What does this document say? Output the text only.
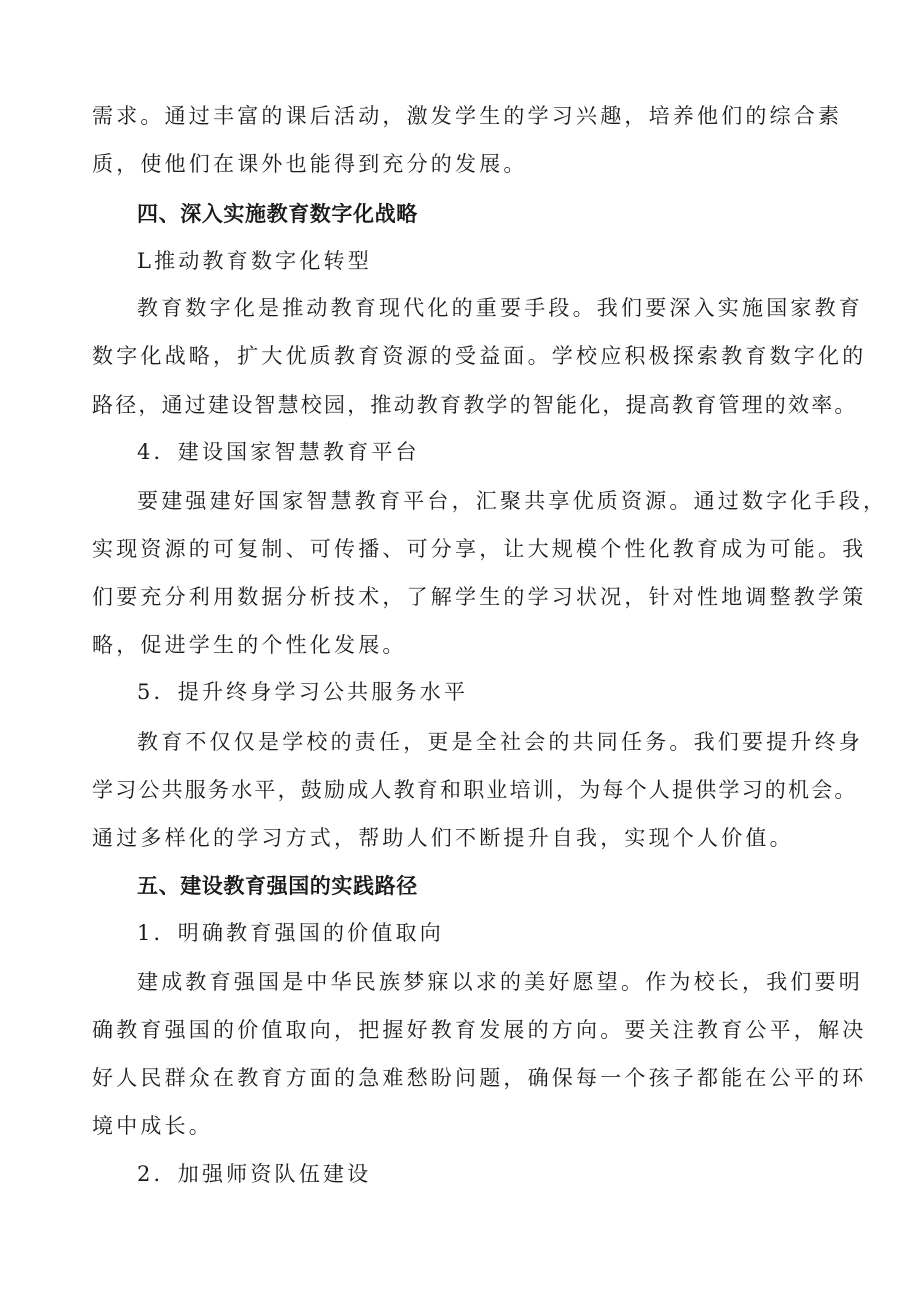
需求。通过丰富的课后活动，激发学生的学习兴趣，培养他们的综合素
质，使他们在课外也能得到充分的发展。
四、深入实施教育数字化战略
L推动教育数字化转型
教育数字化是推动教育现代化的重要手段。我们要深入实施国家教育
数字化战略，扩大优质教育资源的受益面。学校应积极探索教育数字化的
路径，通过建设智慧校园，推动教育教学的智能化，提高教育管理的效率。
4．建设国家智慧教育平台
要建强建好国家智慧教育平台，汇聚共享优质资源。通过数字化手段，
实现资源的可复制、可传播、可分享，让大规模个性化教育成为可能。我
们要充分利用数据分析技术，了解学生的学习状况，针对性地调整教学策
略，促进学生的个性化发展。
5．提升终身学习公共服务水平
教育不仅仅是学校的责任，更是全社会的共同任务。我们要提升终身
学习公共服务水平，鼓励成人教育和职业培训，为每个人提供学习的机会。
通过多样化的学习方式，帮助人们不断提升自我，实现个人价值。
五、建设教育强国的实践路径
1．明确教育强国的价值取向
建成教育强国是中华民族梦寐以求的美好愿望。作为校长，我们要明
确教育强国的价值取向，把握好教育发展的方向。要关注教育公平，解决
好人民群众在教育方面的急难愁盼问题，确保每一个孩子都能在公平的环
境中成长。
2．加强师资队伍建设
